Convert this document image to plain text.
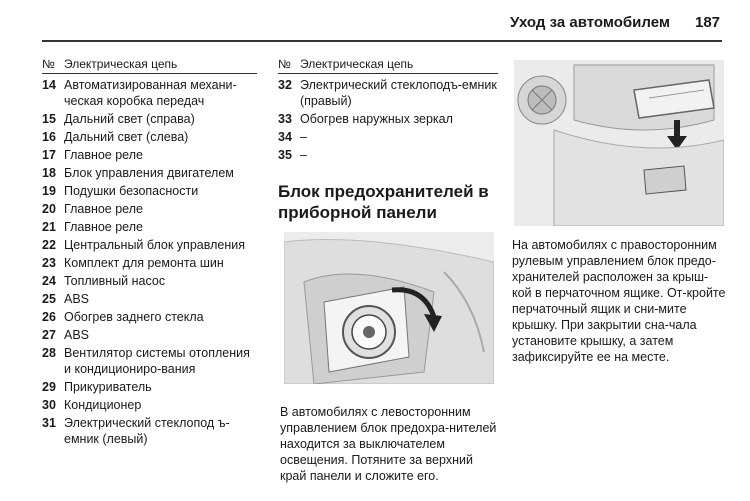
Уход за автомобилем 187
№ Электрическая цепь
14 Автоматизированная механи-ческая коробка передач
15 Дальний свет (справа)
16 Дальний свет (слева)
17 Главное реле
18 Блок управления двигателем
19 Подушки безопасности
20 Главное реле
21 Главное реле
22 Центральный блок управления
23 Комплект для ремонта шин
24 Топливный насос
25 ABS
26 Обогрев заднего стекла
27 ABS
28 Вентилятор системы отопления и кондициониро-вания
29 Прикуриватель
30 Кондиционер
31 Электрический стеклопод ъ-емник (левый)
№ Электрическая цепь
32 Электрический стеклоподъ-емник (правый)
33 Обогрев наружных зеркал
34 –
35 –
Блок предохранителей в приборной панели
В автомобилях с левосторонним управлением блок предохра-нителей находится за выключателем освещения. Потяните за верхний край панели и сложите его.
На автомобилях с правосторонним рулевым управлением блок предо-хранителей расположен за крыш-кой в перчаточном ящике. От-кройте перчаточный ящик и сни-мите крышку. При закрытии сна-чала установите крышку, а затем зафиксируйте ее на месте.
